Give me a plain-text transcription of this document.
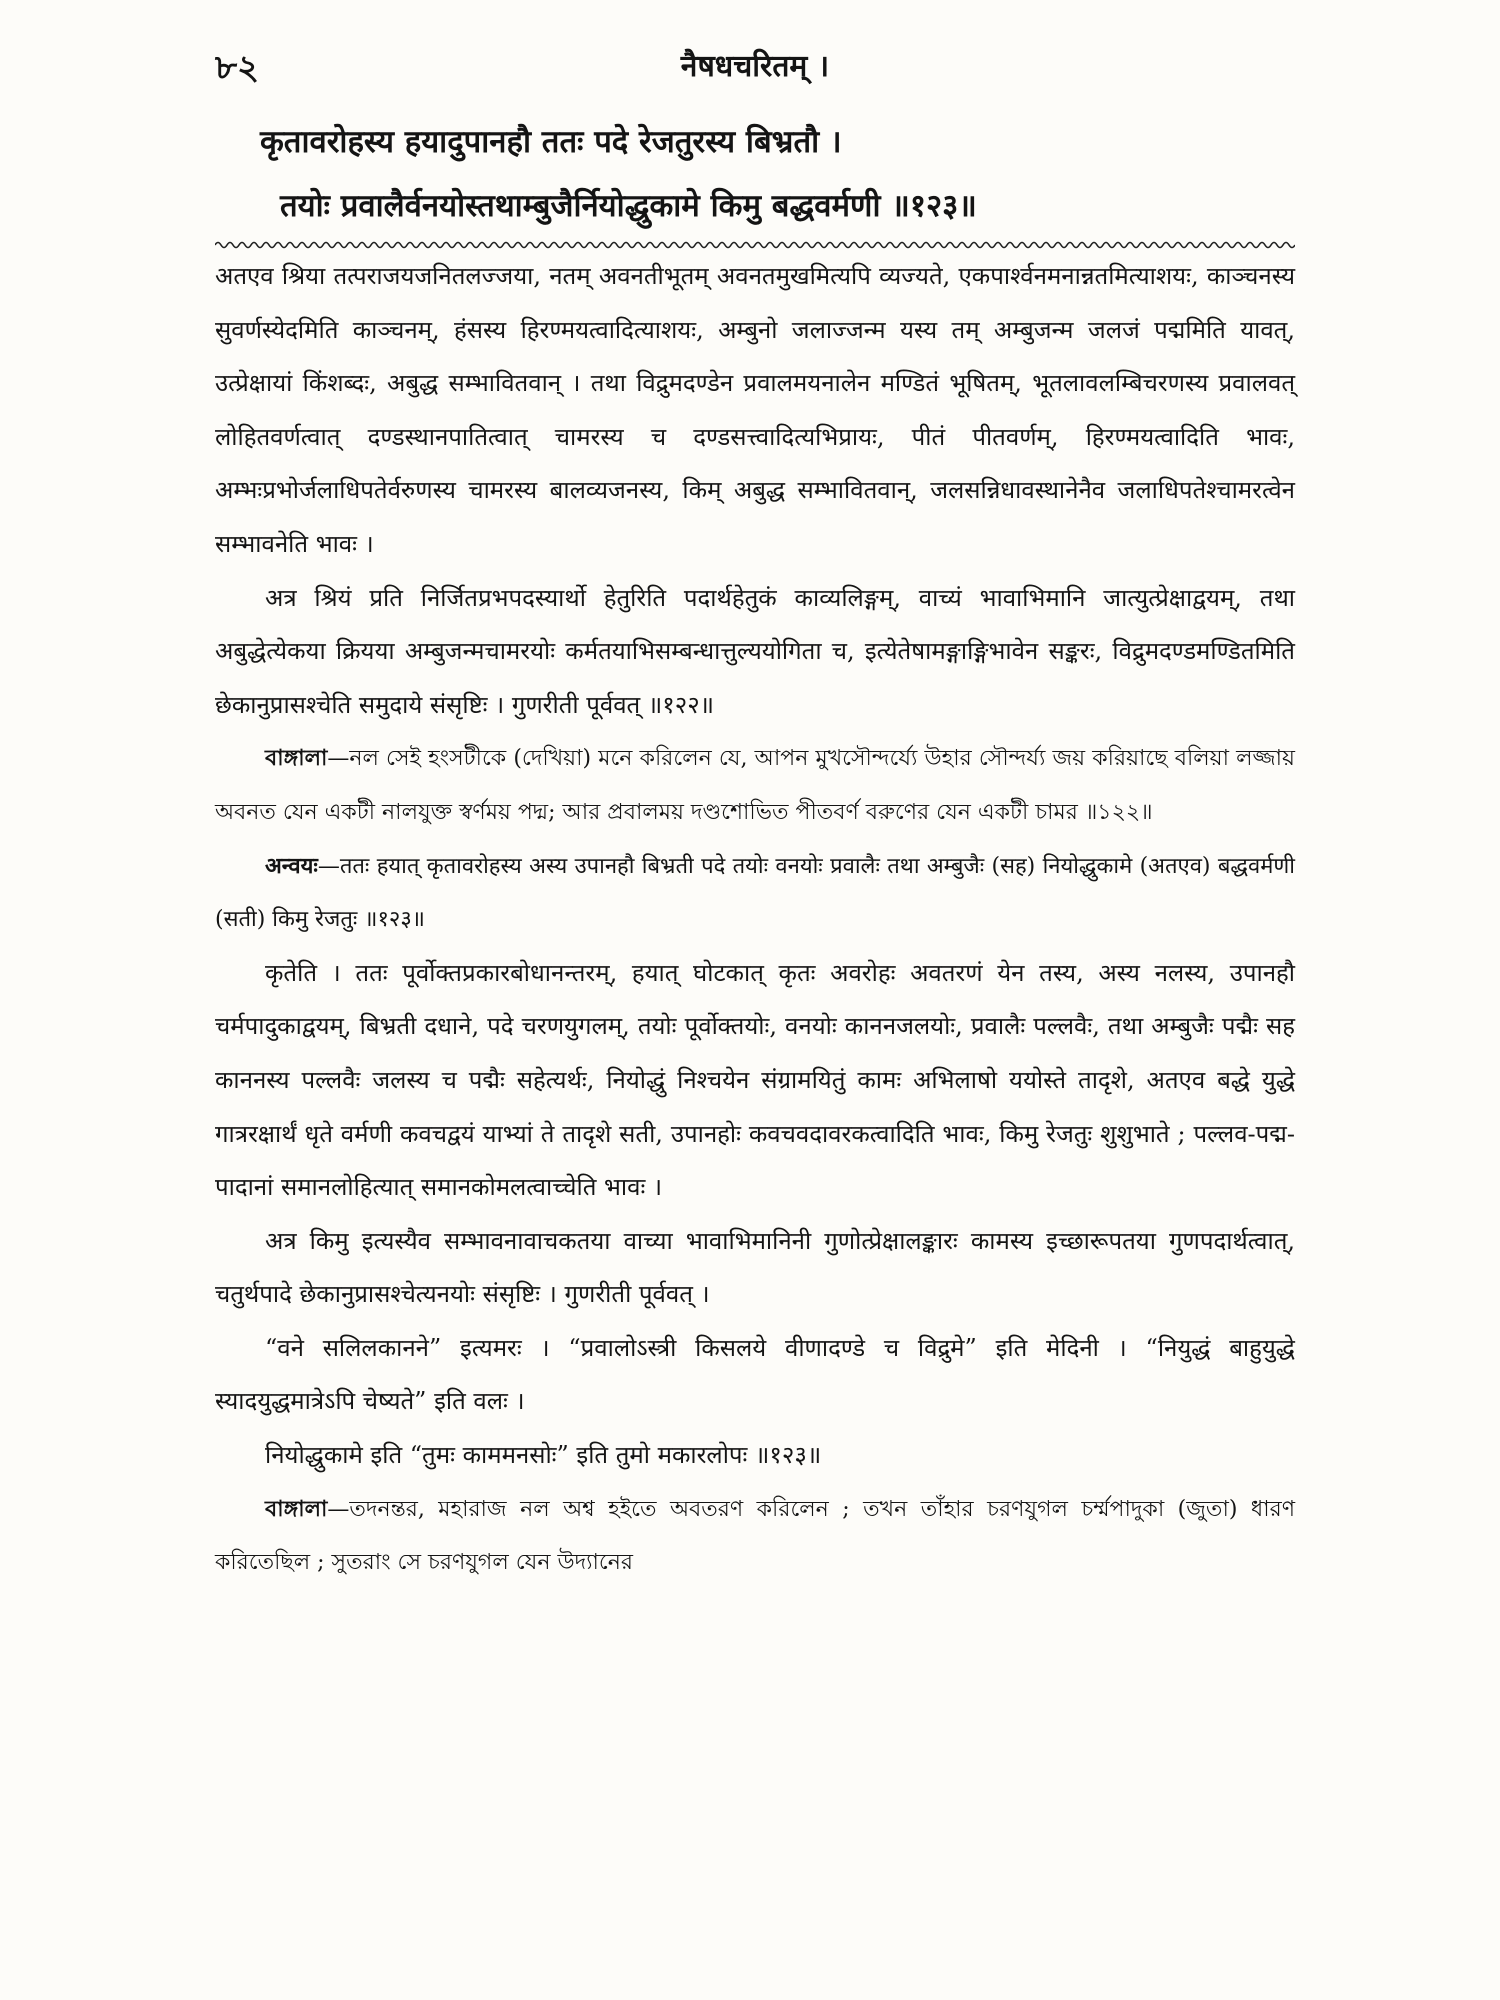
৮২	नैषधचरितम् ।
कृतावरोहस्य हयादुपानहौ ततः पदे रेजतुरस्य बिभ्रतौ ।
तयोः प्रवालैर्वनयोस्तथाम्बुजैर्नियोद्धुकामे किमु बद्धवर्मणी ॥१२३॥

अतएव श्रिया तत्पराजयजनितलज्जया, नतम् अवनतीभूतम् अवनतमुखमित्यपि व्यज्यते, एकपार्श्वनमनान्नतमित्याशयः, काञ्चनस्य सुवर्णस्येदमिति काञ्चनम्, हंसस्य हिरण्मयत्वादित्याशयः, अम्बुनो जलाज्जन्म यस्य तम् अम्बुजन्म जलजं पद्ममिति यावत्, उत्प्रेक्षायां किंशब्दः, अबुद्ध सम्भावितवान् । तथा विद्रुमदण्डेन प्रवालमयनालेन मण्डितं भूषितम्, भूतलावलम्बिचरणस्य प्रवालवत् लोहितवर्णत्वात् दण्डस्थानपातित्वात् चामरस्य च दण्डसत्त्वादित्यभिप्रायः, पीतं पीतवर्णम्, हिरण्मयत्वादिति भावः, अम्भःप्रभोर्जलाधिपतेर्वरुणस्य चामरस्य बालव्यजनस्य, किम् अबुद्ध सम्भावितवान्, जलसन्निधावस्थानेनैव जलाधिपतेश्चामरत्वेन सम्भावनेति भावः ।

अत्र श्रियं प्रति निर्जितप्रभपदस्यार्थो हेतुरिति पदार्थहेतुकं काव्यलिङ्गम्, वाच्यं भावाभिमानि जात्युत्प्रेक्षाद्वयम्, तथा अबुद्धेत्येकया क्रियया अम्बुजन्मचामरयोः कर्मतयाभिसम्बन्धात्तुल्ययोगिता च, इत्येतेषामङ्गाङ्गिभावेन सङ्करः, विद्रुमदण्डमण्डितमिति छेकानुप्रासश्चेति समुदाये संसृष्टिः । गुणरीती पूर्ववत् ॥१२२॥

বাঙ্গালা—নল সেই হংসটীকে (দেখিয়া) মনে করিলেন যে, আপন মুখসৌন্দর্য্যে উহার সৌন্দর্য্য জয় করিয়াছে বলিয়া লজ্জায় অবনত যেন একটী নালযুক্ত স্বর্ণময় পদ্ম; আর প্রবালময় দণ্ডশোভিত পীতবর্ণ বরুণের যেন একটী চামর ॥১২২॥

अन्वयः—ततः हयात् कृतावरोहस्य अस्य उपानहौ बिभ्रती पदे तयोः वनयोः प्रवालैः तथा अम्बुजैः (सह) नियोद्धुकामे (अतएव) बद्धवर्मणी (सती) किमु रेजतुः ॥१२३॥

कृतेति । ततः पूर्वोक्तप्रकारबोधानन्तरम्, हयात् घोटकात् कृतः अवरोहः अवतरणं येन तस्य, अस्य नलस्य, उपानहौ चर्मपादुकाद्वयम्, बिभ्रती दधाने, पदे चरणयुगलम्, तयोः पूर्वोक्तयोः, वनयोः काननजलयोः, प्रवालैः पल्लवैः, तथा अम्बुजैः पद्मैः सह काननस्य पल्लवैः जलस्य च पद्मैः सहेत्यर्थः, नियोद्धुं निश्चयेन संग्रामयितुं कामः अभिलाषो ययोस्ते तादृशे, अतएव बद्धे युद्धे गात्ररक्षार्थं धृते वर्मणी कवचद्वयं याभ्यां ते तादृशे सती, उपानहोः कवचवदावरकत्वादिति भावः, किमु रेजतुः शुशुभाते ; पल्लव-पद्म-पादानां समानलोहित्यात् समानकोमलत्वाच्चेति भावः ।

अत्र किमु इत्यस्यैव सम्भावनावाचकतया वाच्या भावाभिमानिनी गुणोत्प्रेक्षालङ्कारः कामस्य इच्छारूपतया गुणपदार्थत्वात्, चतुर्थपादे छेकानुप्रासश्चेत्यनयोः संसृष्टिः । गुणरीती पूर्ववत् ।

“वने सलिलकानने” इत्यमरः । “प्रवालोऽस्त्री किसलये वीणादण्डे च विद्रुमे” इति मेदिनी । “नियुद्धं बाहुयुद्धे स्यादयुद्धमात्रेऽपि चेष्यते” इति वलः ।

नियोद्धुकामे इति “तुमः काममनसोः” इति तुमो मकारलोपः ॥१२३॥

বাঙ্গালা—তদনন্তর, মহারাজ নল অশ্ব হইতে অবতরণ করিলেন ; তখন তাঁহার চরণযুগল চর্ম্মপাদুকা (জুতা) ধারণ করিতেছিল ; সুতরাং সে চরণযুগল যেন উদ্যানের
